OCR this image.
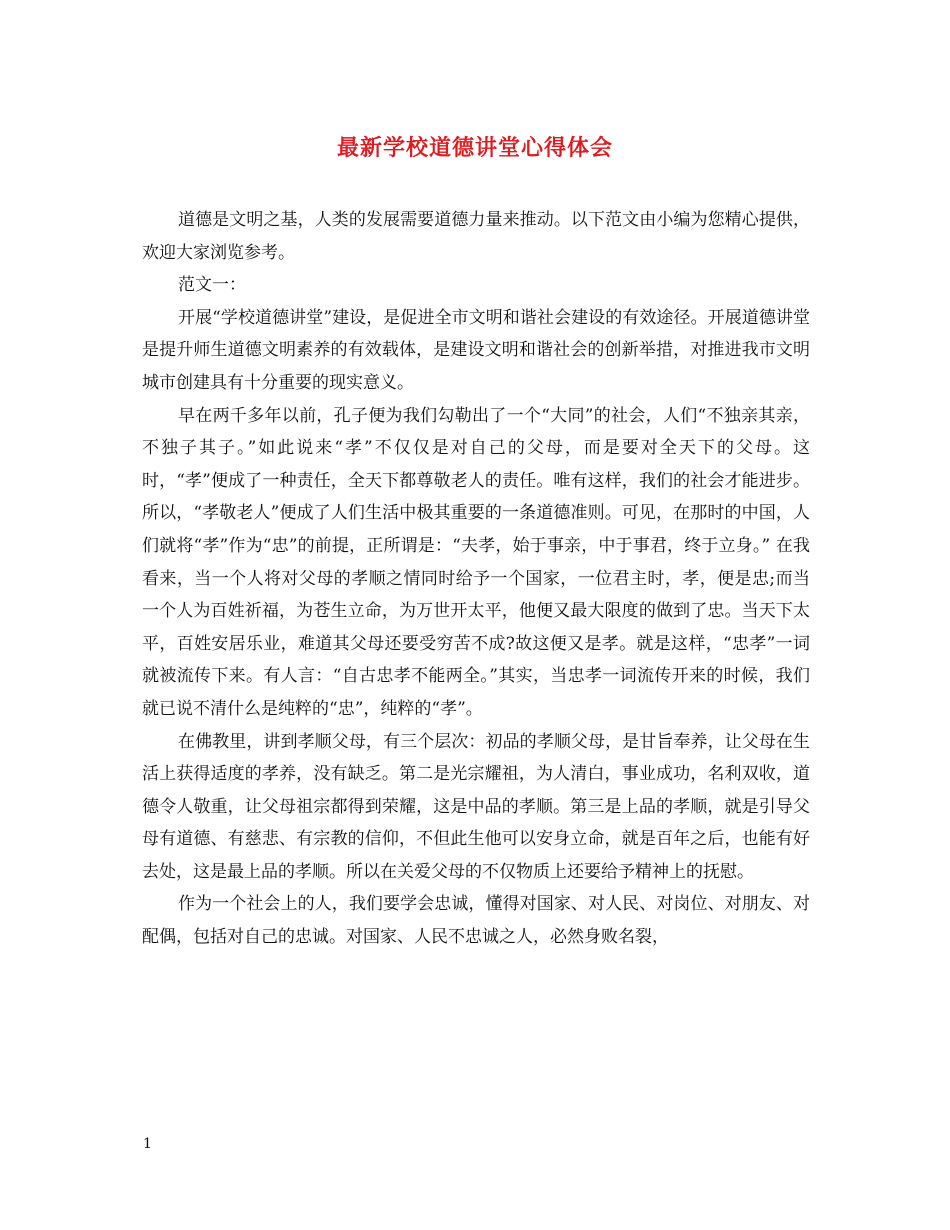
最新学校道德讲堂心得体会

道德是文明之基，人类的发展需要道德力量来推动。以下范文由小编为您精心提供，欢迎大家浏览参考。

范文一：

开展“学校道德讲堂”建设，是促进全市文明和谐社会建设的有效途径。开展道德讲堂是提升师生道德文明素养的有效载体，是建设文明和谐社会的创新举措，对推进我市文明城市创建具有十分重要的现实意义。

早在两千多年以前，孔子便为我们勾勒出了一个“大同”的社会，人们“不独亲其亲，不独子其子。”如此说来“孝”不仅仅是对自己的父母，而是要对全天下的父母。这时，“孝”便成了一种责任，全天下都尊敬老人的责任。唯有这样，我们的社会才能进步。所以，“孝敬老人”便成了人们生活中极其重要的一条道德准则。可见，在那时的中国，人们就将“孝”作为“忠”的前提，正所谓是：“夫孝，始于事亲，中于事君，终于立身。” 在我看来，当一个人将对父母的孝顺之情同时给予一个国家，一位君主时，孝，便是忠;而当一个人为百姓祈福，为苍生立命，为万世开太平，他便又最大限度的做到了忠。当天下太平，百姓安居乐业，难道其父母还要受穷苦不成?故这便又是孝。就是这样，“忠孝”一词就被流传下来。有人言：“自古忠孝不能两全。”其实，当忠孝一词流传开来的时候，我们就已说不清什么是纯粹的“忠”，纯粹的“孝”。

在佛教里，讲到孝顺父母，有三个层次：初品的孝顺父母，是甘旨奉养，让父母在生活上获得适度的孝养，没有缺乏。第二是光宗耀祖，为人清白，事业成功，名利双收，道德令人敬重，让父母祖宗都得到荣耀，这是中品的孝顺。第三是上品的孝顺，就是引导父母有道德、有慈悲、有宗教的信仰，不但此生他可以安身立命，就是百年之后，也能有好去处，这是最上品的孝顺。所以在关爱父母的不仅物质上还要给予精神上的抚慰。

作为一个社会上的人，我们要学会忠诚，懂得对国家、对人民、对岗位、对朋友、对配偶，包括对自己的忠诚。对国家、人民不忠诚之人，必然身败名裂，

1
